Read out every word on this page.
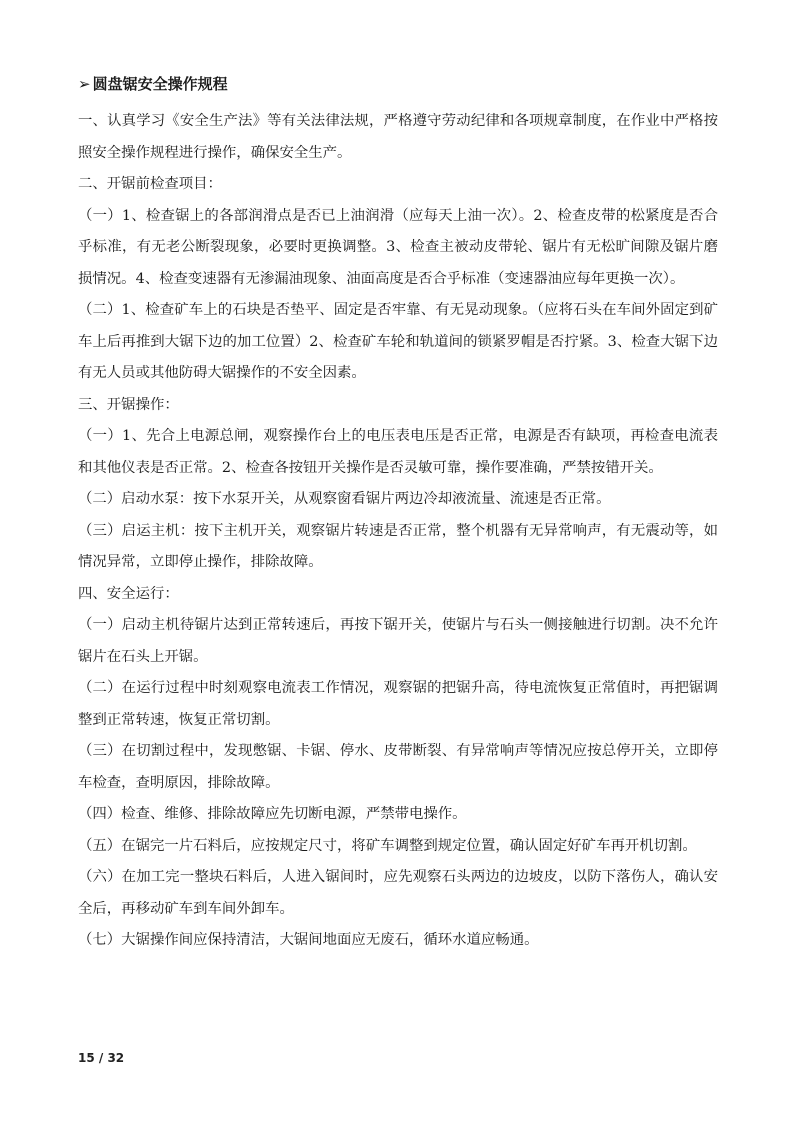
➢ 圆盘锯安全操作规程

一、认真学习《安全生产法》等有关法律法规，严格遵守劳动纪律和各项规章制度，在作业中严格按照安全操作规程进行操作，确保安全生产。

二、开锯前检查项目：

（一）1、检查锯上的各部润滑点是否已上油润滑（应每天上油一次）。2、检查皮带的松紧度是否合乎标准，有无老公断裂现象，必要时更换调整。3、检查主被动皮带轮、锯片有无松旷间隙及锯片磨损情况。4、检查变速器有无渗漏油现象、油面高度是否合乎标准（变速器油应每年更换一次）。

（二）1、检查矿车上的石块是否垫平、固定是否牢靠、有无晃动现象。（应将石头在车间外固定到矿车上后再推到大锯下边的加工位置）2、检查矿车轮和轨道间的锁紧罗帽是否拧紧。3、检查大锯下边有无人员或其他防碍大锯操作的不安全因素。

三、开锯操作：

（一）1、先合上电源总闸，观察操作台上的电压表电压是否正常，电源是否有缺项，再检查电流表和其他仪表是否正常。2、检查各按钮开关操作是否灵敏可靠，操作要准确，严禁按错开关。

（二）启动水泵：按下水泵开关，从观察窗看锯片两边冷却液流量、流速是否正常。

（三）启运主机：按下主机开关，观察锯片转速是否正常，整个机器有无异常响声，有无震动等，如情况异常，立即停止操作，排除故障。

四、安全运行：

（一）启动主机待锯片达到正常转速后，再按下锯开关，使锯片与石头一侧接触进行切割。决不允许锯片在石头上开锯。

（二）在运行过程中时刻观察电流表工作情况，观察锯的把锯升高，待电流恢复正常值时，再把锯调整到正常转速，恢复正常切割。

（三）在切割过程中，发现憋锯、卡锯、停水、皮带断裂、有异常响声等情况应按总停开关，立即停车检查，查明原因，排除故障。

（四）检查、维修、排除故障应先切断电源，严禁带电操作。

（五）在锯完一片石料后，应按规定尺寸，将矿车调整到规定位置，确认固定好矿车再开机切割。

（六）在加工完一整块石料后，人进入锯间时，应先观察石头两边的边坡皮，以防下落伤人，确认安全后，再移动矿车到车间外卸车。

（七）大锯操作间应保持清洁，大锯间地面应无废石，循环水道应畅通。

15 / 32
